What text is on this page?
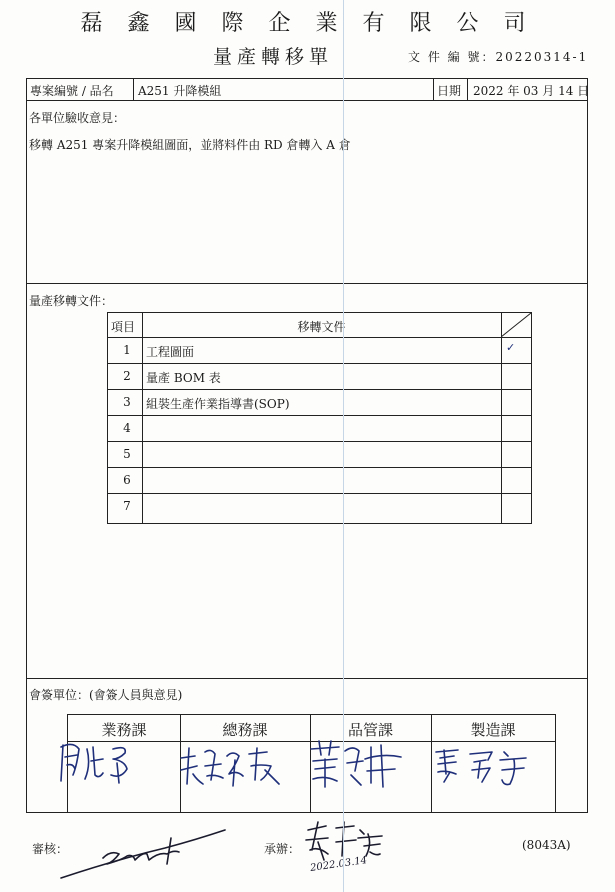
磊 鑫 國 際 企 業 有 限 公 司
量產轉移單	文 件 編 號：20220314-1
專案編號 / 品名 A251 升降模組	日期 2022 年 03 月 14 日
各單位驗收意見：
移轉 A251 專案升降模組圖面，並將料件由 RD 倉轉入 A 倉
量產移轉文件：
項目	移轉文件
1	工程圖面	✓
2	量產 BOM 表
3	組裝生產作業指導書(SOP)
4
5
6
7
會簽單位：(會簽人員與意見)
業務課	總務課	品管課	製造課
審核：	承辦：
2022.03.14
(8043A)
